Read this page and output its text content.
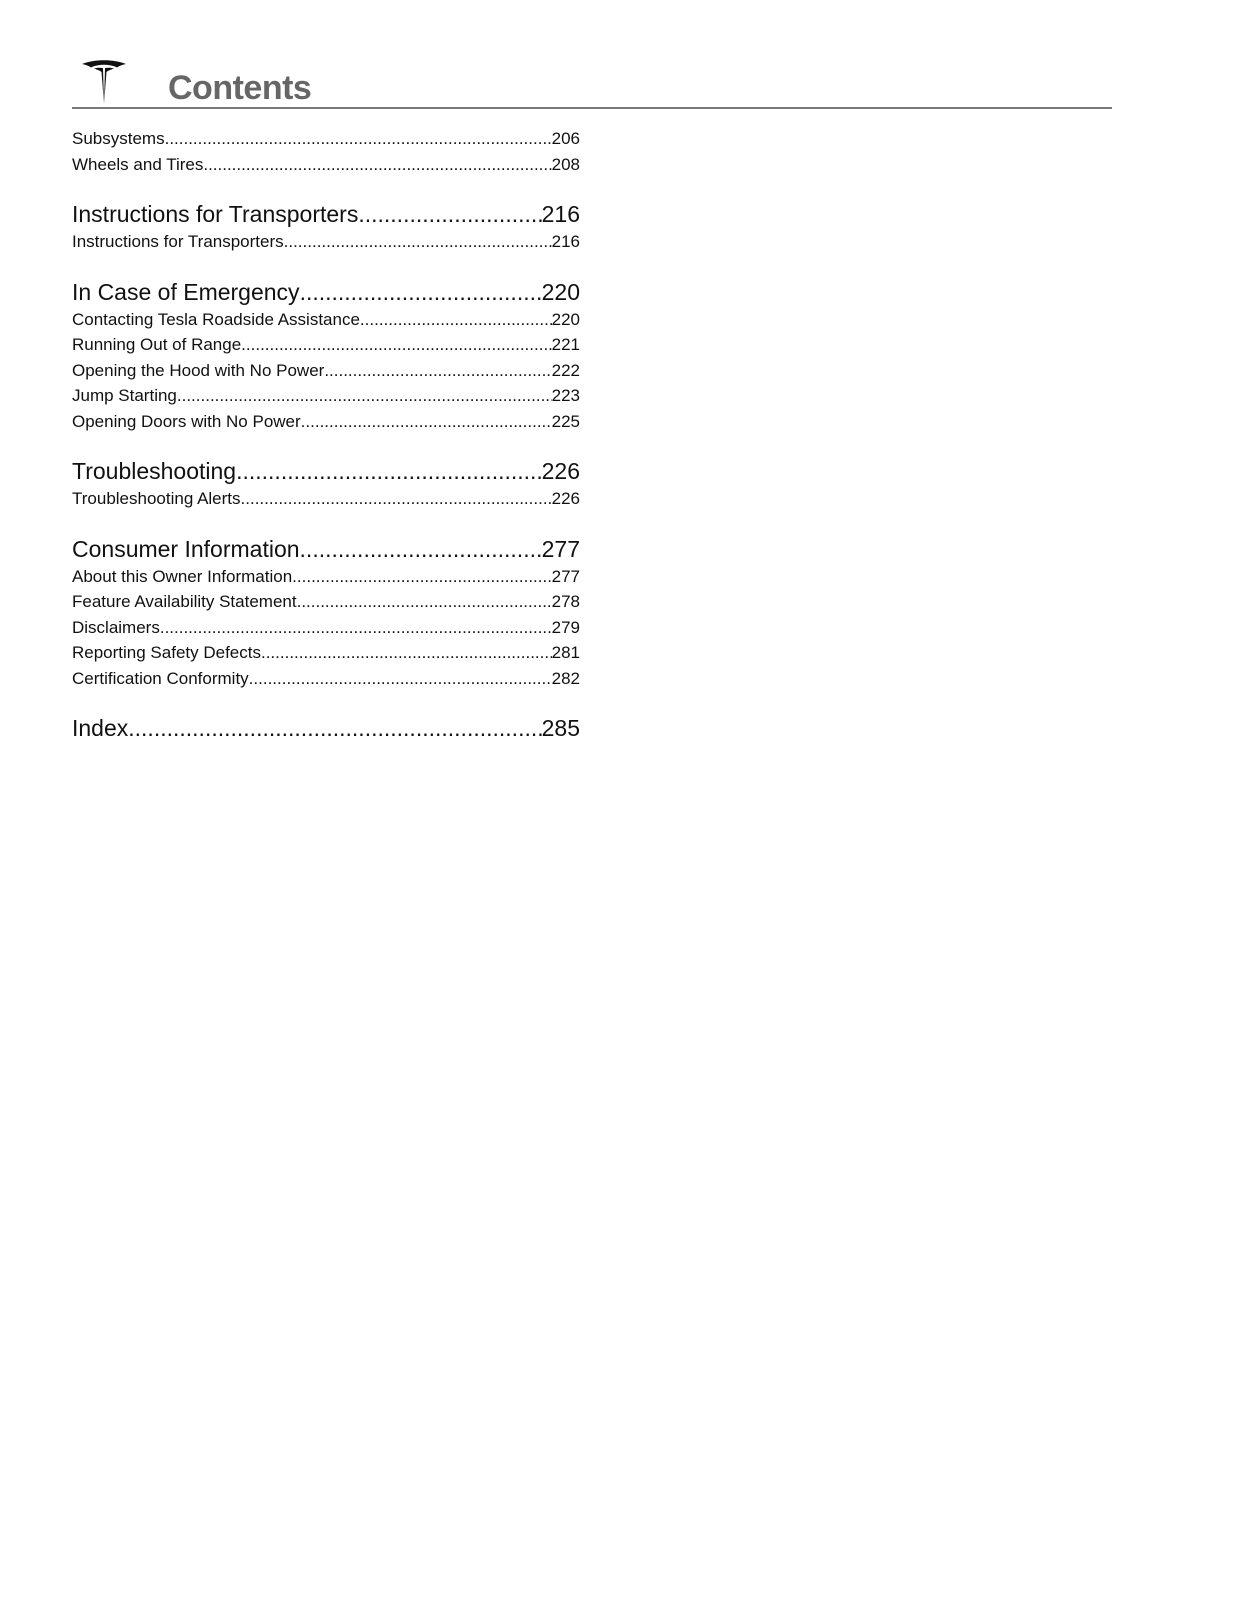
Contents
Subsystems .....	206
Wheels and Tires .....	208
Instructions for Transporters .....	216
Instructions for Transporters .....	216
In Case of Emergency .....	220
Contacting Tesla Roadside Assistance .....	220
Running Out of Range .....	221
Opening the Hood with No Power .....	222
Jump Starting .....	223
Opening Doors with No Power .....	225
Troubleshooting .....	226
Troubleshooting Alerts .....	226
Consumer Information .....	277
About this Owner Information .....	277
Feature Availability Statement .....	278
Disclaimers .....	279
Reporting Safety Defects .....	281
Certification Conformity .....	282
Index .....	285
